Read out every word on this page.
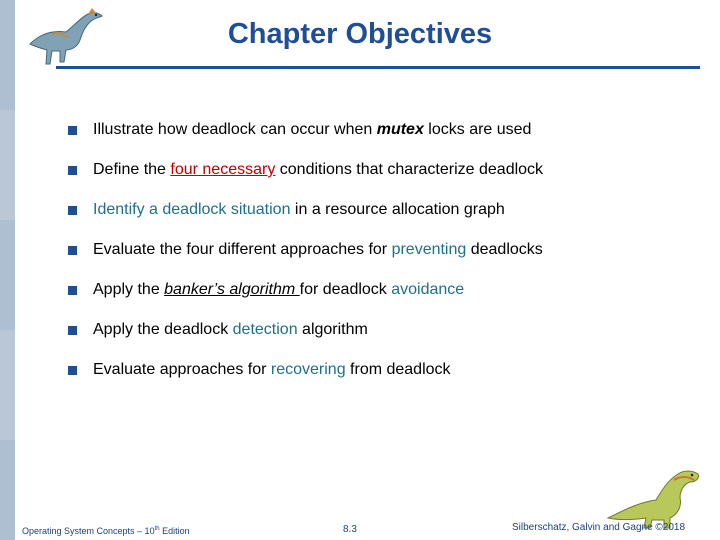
Chapter Objectives
Illustrate how deadlock can occur when mutex locks are used
Define the four necessary conditions that characterize deadlock
Identify a deadlock situation in a resource allocation graph
Evaluate the four different approaches for preventing deadlocks
Apply the banker’s algorithm for deadlock avoidance
Apply the deadlock detection algorithm
Evaluate approaches for recovering from deadlock
Operating System Concepts – 10th Edition	8.3	Silberschatz, Galvin and Gagne ©2018
